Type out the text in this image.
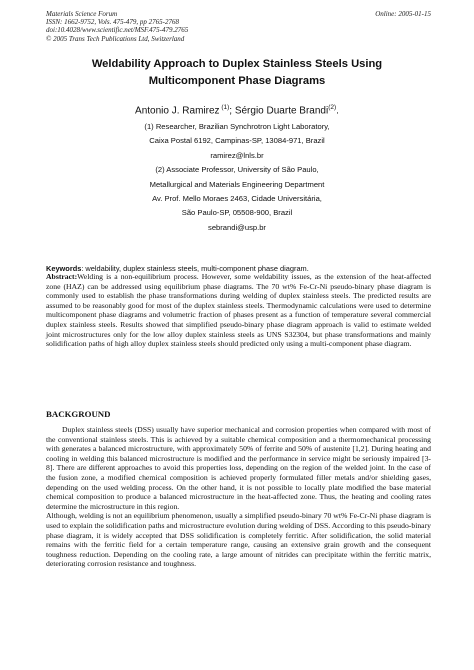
Materials Science Forum
ISSN: 1662-9752, Vols. 475-479, pp 2765-2768
doi:10.4028/www.scientific.net/MSF.475-479.2765
© 2005 Trans Tech Publications Ltd, Switzerland
Online: 2005-01-15
Weldability Approach to Duplex Stainless Steels Using
Multicomponent Phase Diagrams
Antonio J. Ramirez $^{(1)}$; Sérgio Duarte Brandi$^{(2)}$.
(1) Researcher, Brazilian Synchrotron Light Laboratory,
Caixa Postal 6192, Campinas-SP, 13084-971, Brazil
ramirez@lnls.br
(2) Associate Professor, University of São Paulo,
Metallurgical and Materials Engineering Department
Av. Prof. Mello Moraes 2463, Cidade Universitária,
São Paulo-SP, 05508-900, Brazil
sebrandi@usp.br
Keywords: weldability, duplex stainless steels, multi-component phase diagram.
Abstract:Welding is a non-equilibrium process. However, some weldability issues, as the extension of the heat-affected zone (HAZ) can be addressed using equilibrium phase diagrams. The 70 wt% Fe-Cr-Ni pseudo-binary phase diagram is commonly used to establish the phase transformations during welding of duplex stainless steels. The predicted results are assumed to be reasonably good for most of the duplex stainless steels. Thermodynamic calculations were used to determine multicomponent phase diagrams and volumetric fraction of phases present as a function of temperature several commercial duplex stainless steels. Results showed that simplified pseudo-binary phase diagram approach is valid to estimate welded joint microstructures only for the low alloy duplex stainless steels as UNS S32304, but phase transformations and mainly solidification paths of high alloy duplex stainless steels should predicted only using a multi-component phase diagram.
BACKGROUND

Duplex stainless steels (DSS) usually have superior mechanical and corrosion properties when compared with most of the conventional stainless steels. This is achieved by a suitable chemical composition and a thermomechanical processing with generates a balanced microstructure, with approximately 50% of ferrite and 50% of austenite [1,2]. During heating and cooling in welding this balanced microstructure is modified and the performance in service might be seriously impaired [3-8]. There are different approaches to avoid this properties loss, depending on the region of the welded joint. In the case of the fusion zone, a modified chemical composition is achieved properly formulated filler metals and/or shielding gases, depending on the used welding process. On the other hand, it is not possible to locally plate modified the base material chemical composition to produce a balanced microstructure in the heat-affected zone. Thus, the heating and cooling rates determine the microstructure in this region.

Although, welding is not an equilibrium phenomenon, usually a simplified pseudo-binary 70 wt% Fe-Cr-Ni phase diagram is used to explain the solidification paths and microstructure evolution during welding of DSS. According to this pseudo-binary phase diagram, it is widely accepted that DSS solidification is completely ferritic. After solidification, the solid material remains with the ferritic field for a certain temperature range, causing an extensive grain growth and the consequent toughness reduction. Depending on the cooling rate, a large amount of nitrides can precipitate within the ferritic matrix, deteriorating corrosion resistance and toughness.
